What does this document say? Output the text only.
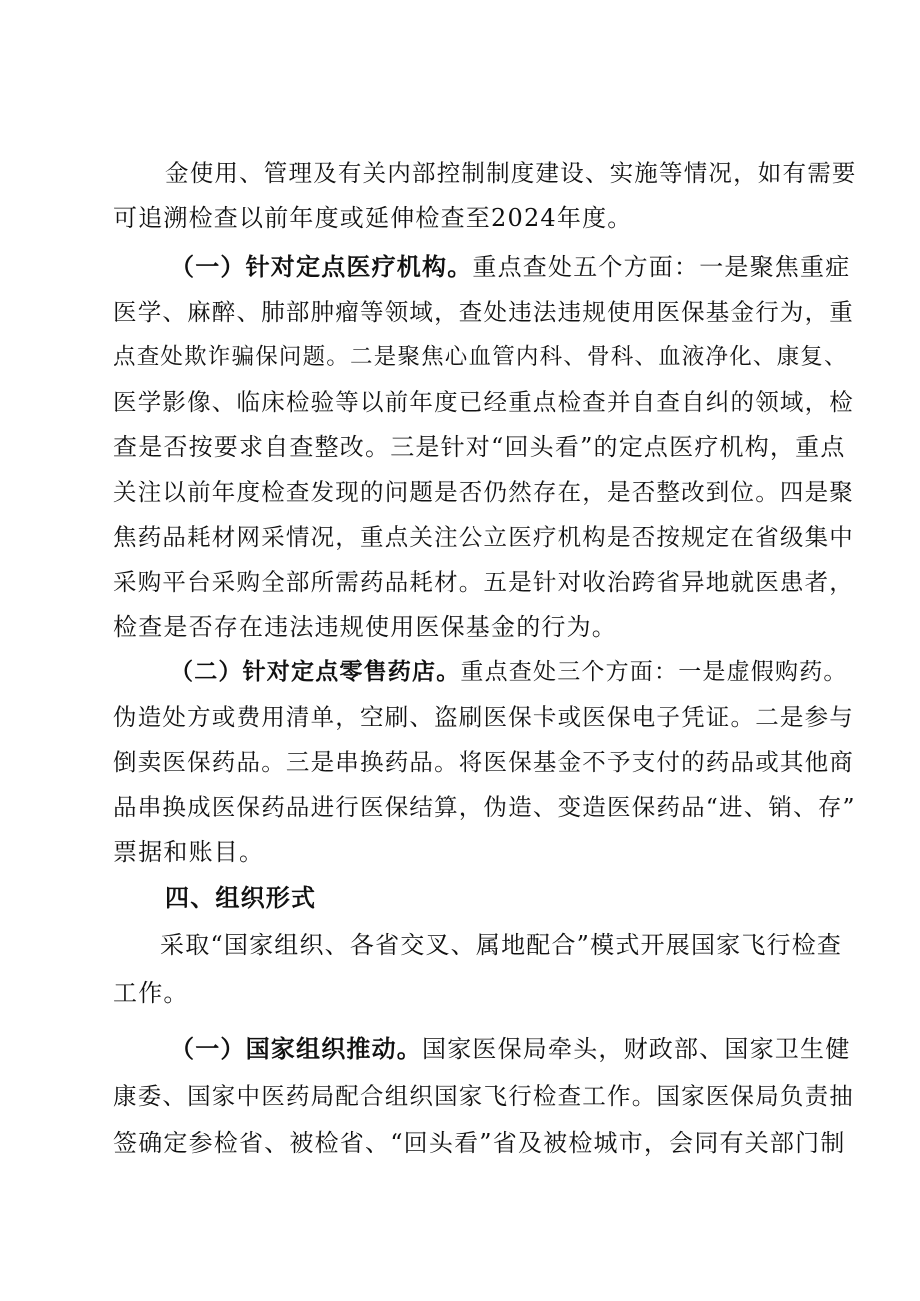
金使用、管理及有关内部控制制度建设、实施等情况，如有需要
可追溯检查以前年度或延伸检查至2024年度。
（一）针对定点医疗机构。重点查处五个方面：一是聚焦重症
医学、麻醉、肺部肿瘤等领域，查处违法违规使用医保基金行为，重
点查处欺诈骗保问题。二是聚焦心血管内科、骨科、血液净化、康复、
医学影像、临床检验等以前年度已经重点检查并自查自纠的领域，检
查是否按要求自查整改。三是针对“回头看”的定点医疗机构，重点
关注以前年度检查发现的问题是否仍然存在，是否整改到位。四是聚
焦药品耗材网采情况，重点关注公立医疗机构是否按规定在省级集中
采购平台采购全部所需药品耗材。五是针对收治跨省异地就医患者，
检查是否存在违法违规使用医保基金的行为。
（二）针对定点零售药店。重点查处三个方面：一是虚假购药。
伪造处方或费用清单，空刷、盗刷医保卡或医保电子凭证。二是参与
倒卖医保药品。三是串换药品。将医保基金不予支付的药品或其他商
品串换成医保药品进行医保结算，伪造、变造医保药品“进、销、存”
票据和账目。
四、组织形式
采取“国家组织、各省交叉、属地配合”模式开展国家飞行检查
工作。
（一）国家组织推动。国家医保局牵头，财政部、国家卫生健
康委、国家中医药局配合组织国家飞行检查工作。国家医保局负责抽
签确定参检省、被检省、“回头看”省及被检城市，会同有关部门制
